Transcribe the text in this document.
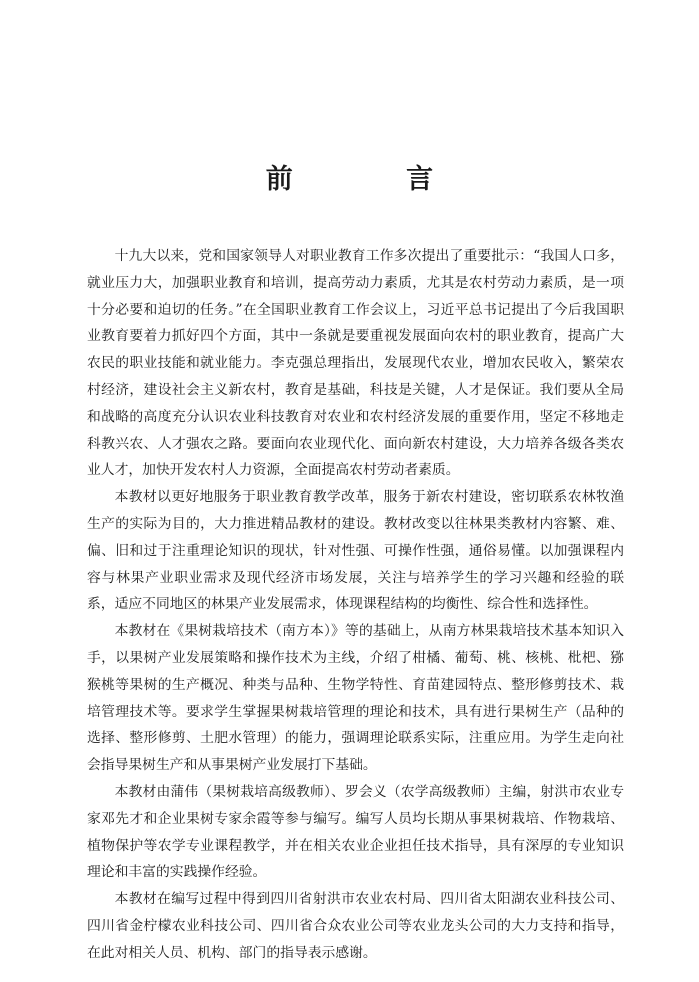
前　言

十九大以来，党和国家领导人对职业教育工作多次提出了重要批示：“我国人口多，就业压力大，加强职业教育和培训，提高劳动力素质，尤其是农村劳动力素质，是一项十分必要和迫切的任务。”在全国职业教育工作会议上，习近平总书记提出了今后我国职业教育要着力抓好四个方面，其中一条就是要重视发展面向农村的职业教育，提高广大农民的职业技能和就业能力。李克强总理指出，发展现代农业，增加农民收入，繁荣农村经济，建设社会主义新农村，教育是基础，科技是关键，人才是保证。我们要从全局和战略的高度充分认识农业科技教育对农业和农村经济发展的重要作用，坚定不移地走科教兴农、人才强农之路。要面向农业现代化、面向新农村建设，大力培养各级各类农业人才，加快开发农村人力资源，全面提高农村劳动者素质。

本教材以更好地服务于职业教育教学改革，服务于新农村建设，密切联系农林牧渔生产的实际为目的，大力推进精品教材的建设。教材改变以往林果类教材内容繁、难、偏、旧和过于注重理论知识的现状，针对性强、可操作性强，通俗易懂。以加强课程内容与林果产业职业需求及现代经济市场发展，关注与培养学生的学习兴趣和经验的联系，适应不同地区的林果产业发展需求，体现课程结构的均衡性、综合性和选择性。

本教材在《果树栽培技术（南方本）》等的基础上，从南方林果栽培技术基本知识入手，以果树产业发展策略和操作技术为主线，介绍了柑橘、葡萄、桃、核桃、枇杷、猕猴桃等果树的生产概况、种类与品种、生物学特性、育苗建园特点、整形修剪技术、栽培管理技术等。要求学生掌握果树栽培管理的理论和技术，具有进行果树生产（品种的选择、整形修剪、土肥水管理）的能力，强调理论联系实际，注重应用。为学生走向社会指导果树生产和从事果树产业发展打下基础。

本教材由蒲伟（果树栽培高级教师）、罗会义（农学高级教师）主编，射洪市农业专家邓先才和企业果树专家余霞等参与编写。编写人员均长期从事果树栽培、作物栽培、植物保护等农学专业课程教学，并在相关农业企业担任技术指导，具有深厚的专业知识理论和丰富的实践操作经验。

本教材在编写过程中得到四川省射洪市农业农村局、四川省太阳湖农业科技公司、四川省金柠檬农业科技公司、四川省合众农业公司等农业龙头公司的大力支持和指导，在此对相关人员、机构、部门的指导表示感谢。
